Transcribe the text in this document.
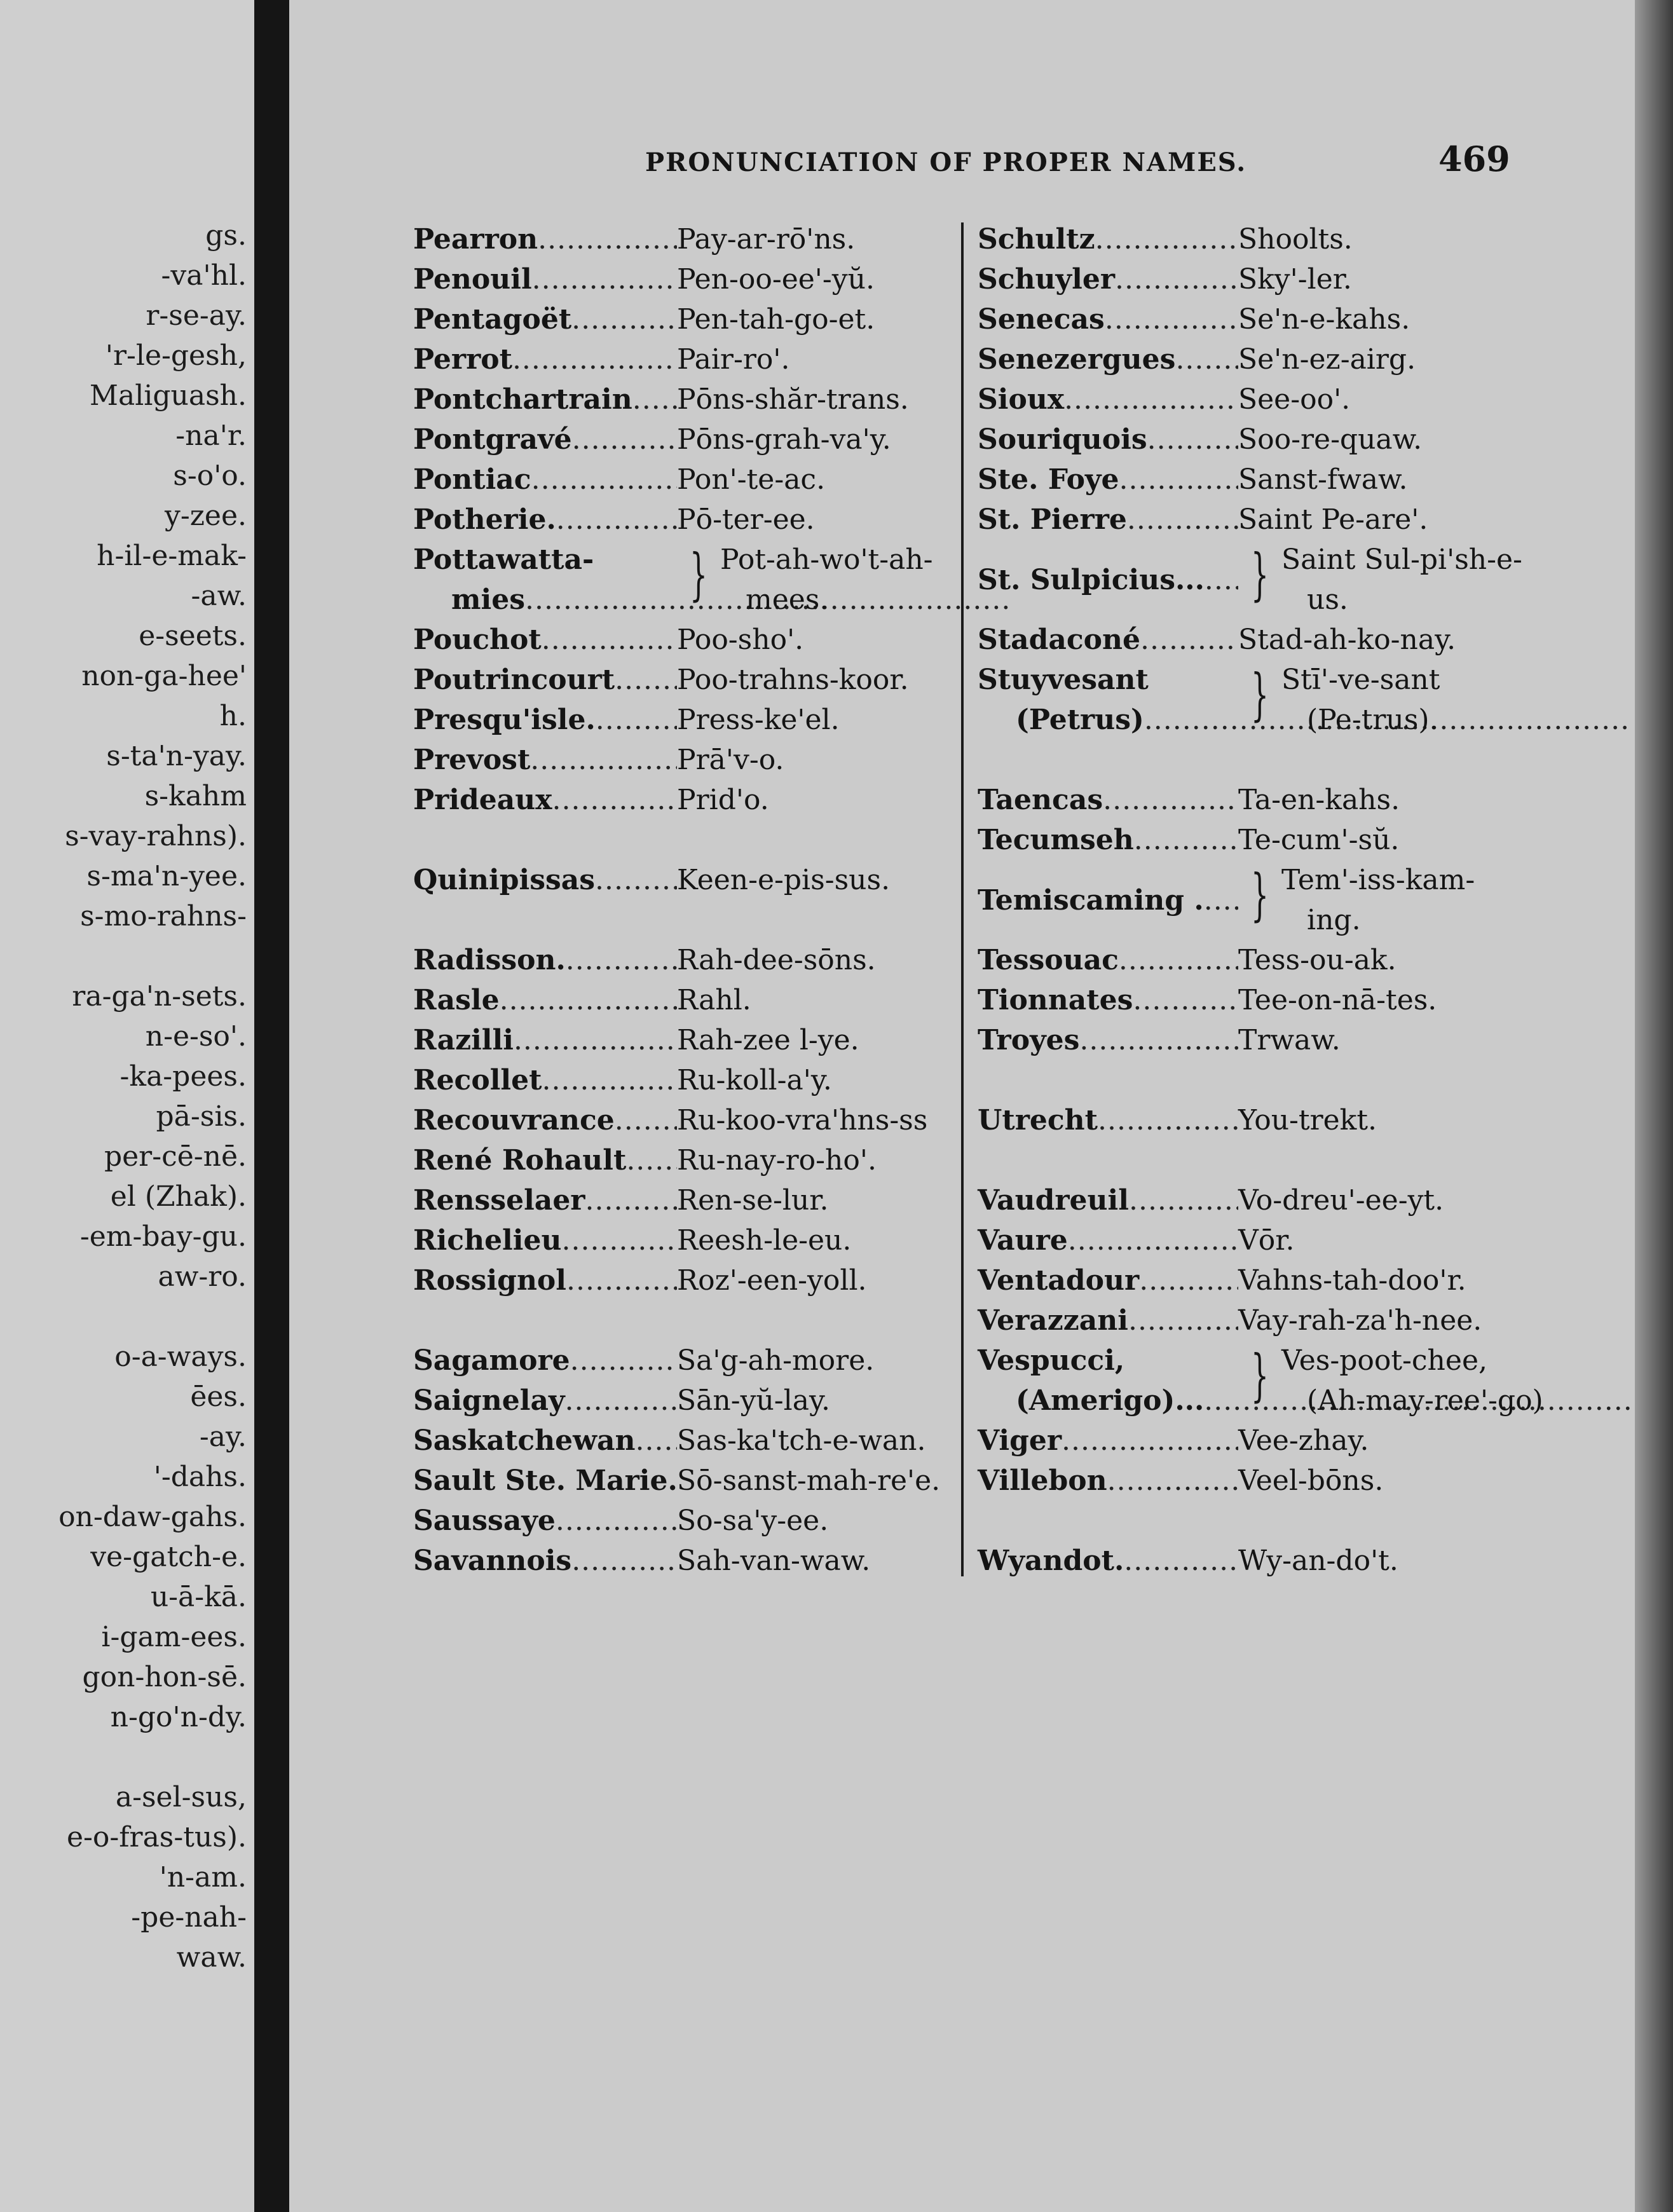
gs.
-va'hl.
r-se-ay.
'r-le-gesh,
Maliguash.
-na'r.
s-o'o.
y-zee.
h-il-e-mak-
-aw.
e-seets.
non-ga-hee'
h.
s-ta'n-yay.
s-kahm
s-vay-rahns).
s-ma'n-yee.
s-mo-rahns-
ra-ga'n-sets.
n-e-so'.
-ka-pees.
pā-sis.
per-cē-nē.
el (Zhak).
-em-bay-gu.
aw-ro.
o-a-ways.
ēes.
-ay.
'-dahs.
on-daw-gahs.
ve-gatch-e.
u-ā-kā.
i-gam-ees.
gon-hon-sē.
n-go'n-dy.
a-sel-sus,
e-o-fras-tus).
'n-am.
-pe-nah-
waw.
PRONUNCIATION OF PROPER NAMES.	469
Pearron .....	Pay-ar-rō'ns.
Penouil .....	Pen-oo-ee'-yŭ.
Pentagoët .....	Pen-tah-go-et.
Perrot .....	Pair-ro'.
Pontchartrain ..... Pōns-shăr-trans.
Pontgravé .....	Pōns-grah-va'y.
Pontiac .....	Pon'-te-ac.
Potherie. .....	Pō-ter-ee.
Pottawatta-
mies .....	} Pot-ah-wo't-ah-
mees.
Pouchot .....	Poo-sho'.
Poutrincourt ..... Poo-trahns-koor.
Presqu'isle. .....	Press-ke'el.
Prevost .....	Prā'v-o.
Prideaux .....	Prid'o.
Quinipissas .....	Keen-e-pis-sus.
Radisson. .....	Rah-dee-sōns.
Rasle .....	Rahl.
Razilli .....	Rah-zee l-ye.
Recollet .....	Ru-koll-a'y.
Recouvrance ..... Ru-koo-vra'hns-ss
René Rohault ..... Ru-nay-ro-ho'.
Rensselaer .....	Ren-se-lur.
Richelieu .....	Reesh-le-eu.
Rossignol .....	Roz'-een-yoll.
Sagamore .....	Sa'g-ah-more.
Saignelay .....	Sān-yŭ-lay.
Saskatchewan ..... Sas-ka'tch-e-wan.
Sault Ste. Marie. Sō-sanst-mah-re'e.
Saussaye .....	So-sa'y-ee.
Savannois .....	Sah-van-waw.
Schultz .....	Shoolts.
Schuyler .....	Sky'-ler.
Senecas .....	Se'n-e-kahs.
Senezergues ..... Se'n-ez-airg.
Sioux .....	See-oo'.
Souriquois .....	Soo-re-quaw.
Ste. Foye .....	Sanst-fwaw.
St. Pierre .....	Saint Pe-are'.
St. Sulpicius... ..... } Saint Sul-pi'sh-e-
us.
Stadaconé .....	Stad-ah-ko-nay.
Stuyvesant
(Petrus) ..... } Stī'-ve-sant
(Pe-trus).
Taencas .....	Ta-en-kahs.
Tecumseh .....	Te-cum'-sŭ.
Temiscaming . ..... } Tem'-iss-kam-
ing.
Tessouac .....	Tess-ou-ak.
Tionnates .....	Tee-on-nā-tes.
Troyes .....	Trwaw.
Utrecht .....	You-trekt.
Vaudreuil .....	Vo-dreu'-ee-yt.
Vaure .....	Vōr.
Ventadour .....	Vahns-tah-doo'r.
Verazzani .....	Vay-rah-za'h-nee.
Vespucci,
(Amerigo)... ..... } Ves-poot-chee,
(Ah-may-ree'-go)
Viger .....	Vee-zhay.
Villebon .....	Veel-bōns.
Wyandot. .....	Wy-an-do't.
